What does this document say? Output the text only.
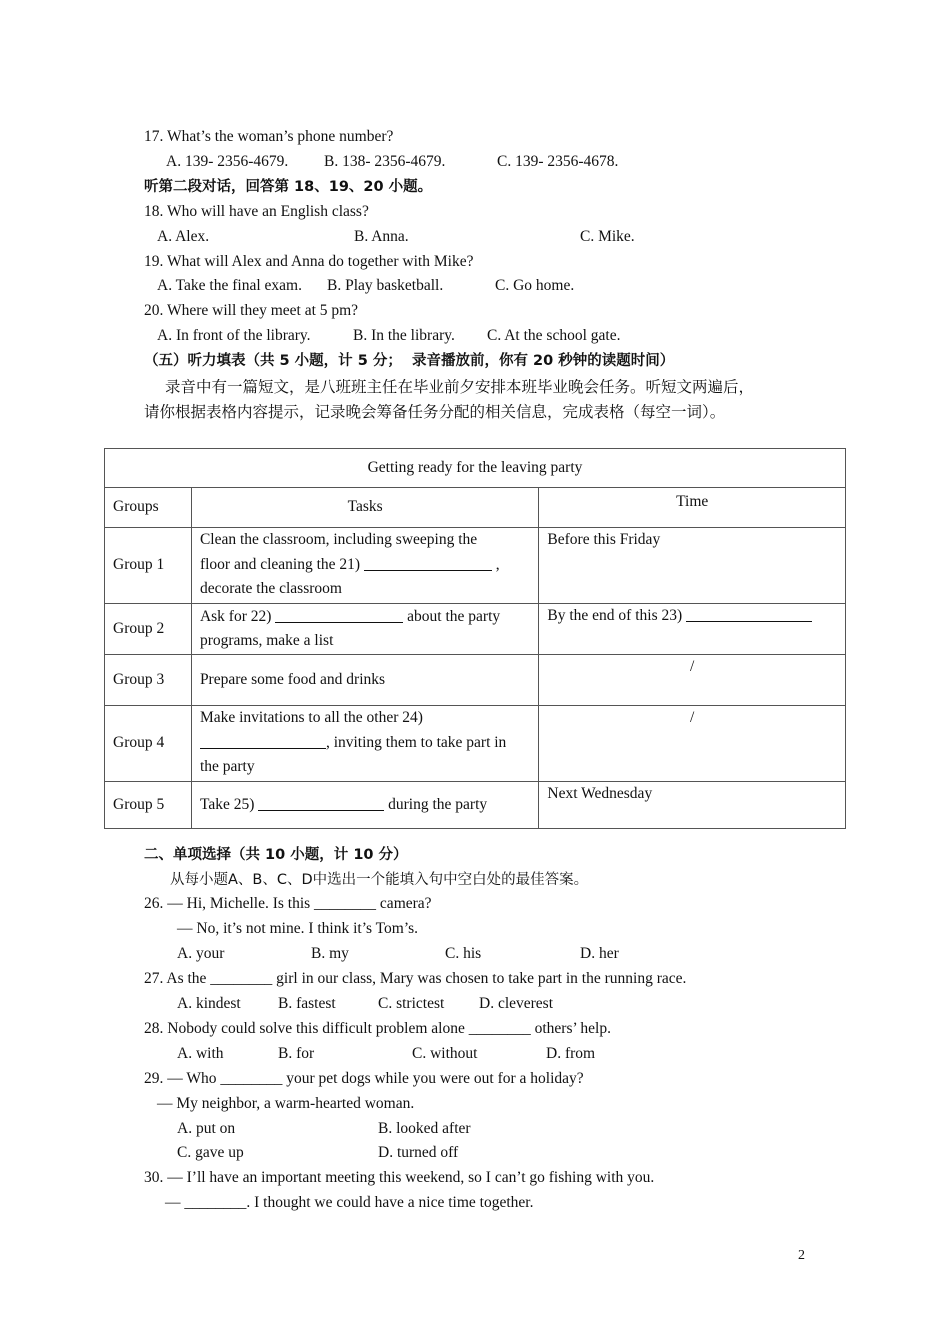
17. What’s the woman’s phone number?
A. 139- 2356-4679. B. 138- 2356-4679.	C. 139- 2356-4678.
听第二段对话，回答第 18、19、20 小题。
18. Who will have an English class?
A. Alex.	B. Anna.	C. Mike.
19. What will Alex and Anna do together with Mike?
A. Take the final exam. B. Play basketball.	C. Go home.
20. Where will they meet at 5 pm?
A. In front of the library.	B. In the library. C. At the school gate.
（五）听力填表（共 5 小题，计 5 分；  录音播放前，你有 20 秒钟的读题时间）
录音中有一篇短文，是八班班主任在毕业前夕安排本班毕业晚会任务。听短文两遍后，
请你根据表格内容提示，记录晚会筹备任务分配的相关信息，完成表格（每空一词）。
Getting ready for the leaving party		
Groups	Tasks	Time
Group 1	Clean the classroom, including sweeping the
floor and cleaning the 21) ,
decorate the classroom	Before this Friday
Group 2	Ask for 22) about the party
programs, make a list	By the end of this 23)
Group 3	Prepare some food and drinks	/
Group 4	Make invitations to all the other 24)
, inviting them to take part in
the party	/
Group 5	Take 25) during the party	Next Wednesday
二、单项选择（共 10 小题，计 10 分）
从每小题A、B、C、D中选出一个能填入句中空白处的最佳答案。
26. — Hi, Michelle. Is this ________ camera?
— No, it’s not mine. I think it’s Tom’s.
A. your	B. my	C. his	D. her
27. As the ________ girl in our class, Mary was chosen to take part in the running race.
A. kindest B. fastest	C. strictest D. cleverest
28. Nobody could solve this difficult problem alone ________ others’ help.
A. with	B. for	C. without	D. from
29. — Who ________ your pet dogs while you were out for a holiday?
— My neighbor, a warm-hearted woman.
A. put on	B. looked after
C. gave up	D. turned off
30. — I’ll have an important meeting this weekend, so I can’t go fishing with you.
— ________. I thought we could have a nice time together.
2
